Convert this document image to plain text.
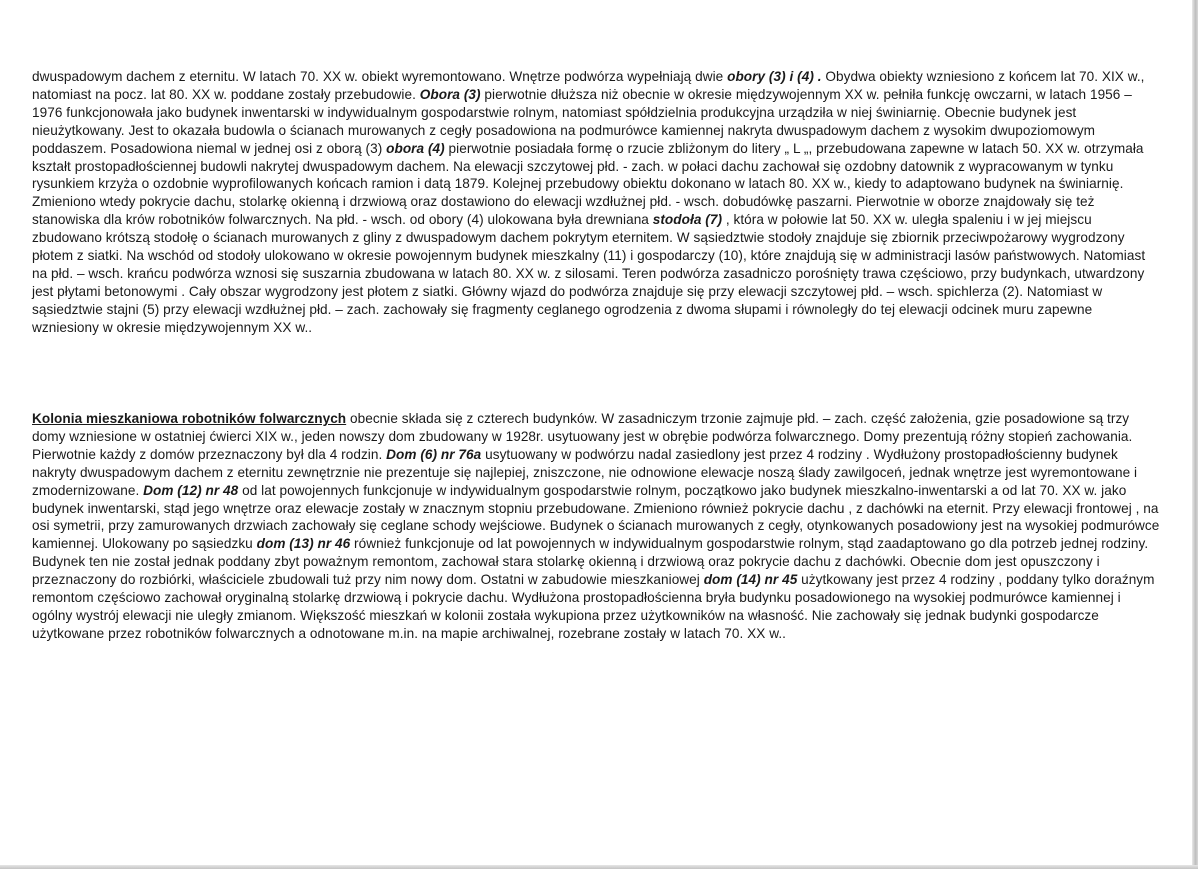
dwuspadowym dachem z eternitu. W latach 70. XX w. obiekt wyremontowano. Wnętrze podwórza wypełniają dwie obory (3) i (4) . Obydwa obiekty wzniesiono z końcem lat 70. XIX w., natomiast na pocz. lat 80. XX w. poddane zostały przebudowie. Obora (3) pierwotnie dłuższa niż obecnie w okresie międzywojennym XX w. pełniła funkcję owczarni, w latach 1956 – 1976 funkcjonowała jako budynek inwentarski w indywidualnym gospodarstwie rolnym, natomiast spółdzielnia produkcyjna urządziła w niej świniarnię. Obecnie budynek jest nieużytkowany. Jest to okazała budowla o ścianach murowanych z cegły posadowiona na podmurówce kamiennej nakryta dwuspadowym dachem z wysokim dwupoziomowym poddaszem. Posadowiona niemal w jednej osi z oborą (3) obora (4) pierwotnie posiadała formę o rzucie zbliżonym do litery „ L „, przebudowana zapewne w latach 50. XX w. otrzymała kształt prostopadłościennej budowli nakrytej dwuspadowym dachem. Na elewacji szczytowej płd. - zach. w połaci dachu zachował się ozdobny datownik z wypracowanym w tynku rysunkiem krzyża o ozdobnie wyprofilowanych końcach ramion i datą 1879. Kolejnej przebudowy obiektu dokonano w latach 80. XX w., kiedy to adaptowano budynek na świniarnię. Zmieniono wtedy pokrycie dachu, stolarkę okienną i drzwiową oraz dostawiono do elewacji wzdłużnej płd. - wsch. dobudówkę paszarni. Pierwotnie w oborze znajdowały się też stanowiska dla krów robotników folwarcznych. Na płd. - wsch. od obory (4) ulokowana była drewniana stodoła (7) , która w połowie lat 50. XX w. uległa spaleniu i w jej miejscu zbudowano krótszą stodołę o ścianach murowanych z gliny z dwuspadowym dachem pokrytym eternitem. W sąsiedztwie stodoły znajduje się zbiornik przeciwpożarowy wygrodzony płotem z siatki. Na wschód od stodoły ulokowano w okresie powojennym budynek mieszkalny (11) i gospodarczy (10), które znajdują się w administracji lasów państwowych. Natomiast na płd. – wsch. krańcu podwórza wznosi się suszarnia zbudowana w latach 80. XX w. z silosami. Teren podwórza zasadniczo porośnięty trawa częściowo, przy budynkach, utwardzony jest płytami betonowymi . Cały obszar wygrodzony jest płotem z siatki. Główny wjazd do podwórza znajduje się przy elewacji szczytowej płd. – wsch. spichlerza (2). Natomiast w sąsiedztwie stajni (5) przy elewacji wzdłużnej płd. – zach. zachowały się fragmenty ceglanego ogrodzenia z dwoma słupami i równoległy do tej elewacji odcinek muru zapewne wzniesiony w okresie międzywojennym XX w..
Kolonia mieszkaniowa robotników folwarcznych obecnie składa się z czterech budynków. W zasadniczym trzonie zajmuje płd. – zach. część założenia, gzie posadowione są trzy domy wzniesione w ostatniej ćwierci XIX w., jeden nowszy dom zbudowany w 1928r. usytuowany jest w obrębie podwórza folwarcznego. Domy prezentują różny stopień zachowania. Pierwotnie każdy z domów przeznaczony był dla 4 rodzin. Dom (6) nr 76a usytuowany w podwórzu nadal zasiedlony jest przez 4 rodziny . Wydłużony prostopadłościenny budynek nakryty dwuspadowym dachem z eternitu zewnętrznie nie prezentuje się najlepiej, zniszczone, nie odnowione elewacje noszą ślady zawilgoceń, jednak wnętrze jest wyremontowane i zmodernizowane. Dom (12) nr 48 od lat powojennych funkcjonuje w indywidualnym gospodarstwie rolnym, początkowo jako budynek mieszkalno-inwentarski a od lat 70. XX w. jako budynek inwentarski, stąd jego wnętrze oraz elewacje zostały w znacznym stopniu przebudowane. Zmieniono również pokrycie dachu , z dachówki na eternit. Przy elewacji frontowej , na osi symetrii, przy zamurowanych drzwiach zachowały się ceglane schody wejściowe. Budynek o ścianach murowanych z cegły, otynkowanych posadowiony jest na wysokiej podmurówce kamiennej. Ulokowany po sąsiedzku dom (13) nr 46 również funkcjonuje od lat powojennych w indywidualnym gospodarstwie rolnym, stąd zaadaptowano go dla potrzeb jednej rodziny. Budynek ten nie został jednak poddany zbyt poważnym remontom, zachował stara stolarkę okienną i drzwiową oraz pokrycie dachu z dachówki. Obecnie dom jest opuszczony i przeznaczony do rozbiórki, właściciele zbudowali tuż przy nim nowy dom. Ostatni w zabudowie mieszkaniowej dom (14) nr 45 użytkowany jest przez 4 rodziny , poddany tylko doraźnym remontom częściowo zachował oryginalną stolarkę drzwiową i pokrycie dachu. Wydłużona prostopadłościenna bryła budynku posadowionego na wysokiej podmurówce kamiennej i ogólny wystrój elewacji nie uległy zmianom. Większość mieszkań w kolonii została wykupiona przez użytkowników na własność. Nie zachowały się jednak budynki gospodarcze użytkowane przez robotników folwarcznych a odnotowane m.in. na mapie archiwalnej, rozebrane zostały w latach 70. XX w..
